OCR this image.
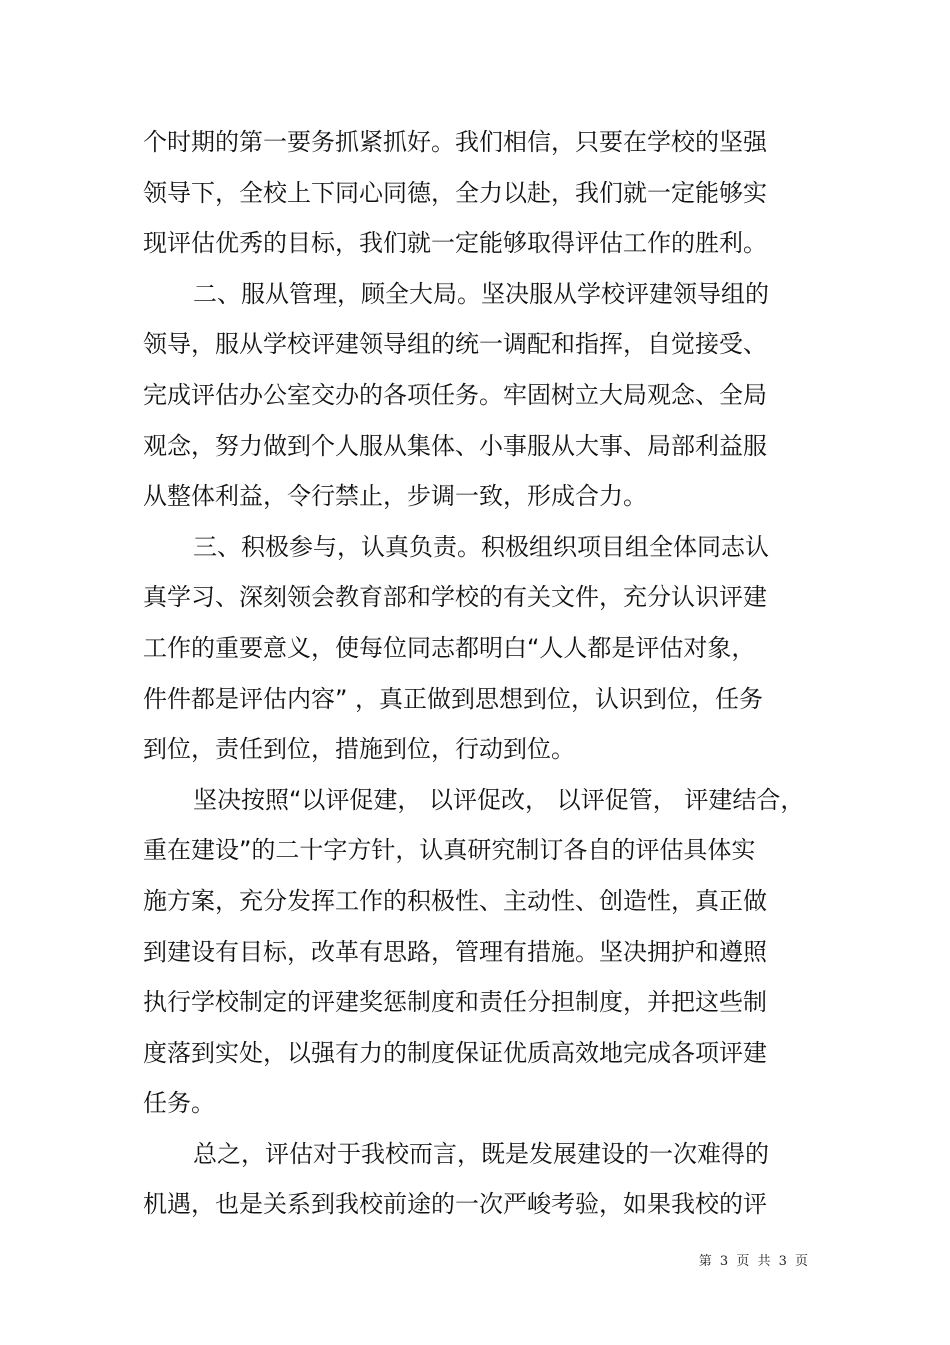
个时期的第一要务抓紧抓好。我们相信，只要在学校的坚强
领导下，全校上下同心同德，全力以赴，我们就一定能够实
现评估优秀的目标，我们就一定能够取得评估工作的胜利。
二、服从管理，顾全大局。坚决服从学校评建领导组的
领导，服从学校评建领导组的统一调配和指挥，自觉接受、
完成评估办公室交办的各项任务。牢固树立大局观念、全局
观念，努力做到个人服从集体、小事服从大事、局部利益服
从整体利益，令行禁止，步调一致，形成合力。
三、积极参与，认真负责。积极组织项目组全体同志认
真学习、深刻领会教育部和学校的有关文件，充分认识评建
工作的重要意义，使每位同志都明白“人人都是评估对象，
件件都是评估内容” ，真正做到思想到位，认识到位，任务
到位，责任到位，措施到位，行动到位。
坚决按照“以评促建， 以评促改， 以评促管， 评建结合，
重在建设”的二十字方针，认真研究制订各自的评估具体实
施方案，充分发挥工作的积极性、主动性、创造性，真正做
到建设有目标，改革有思路，管理有措施。坚决拥护和遵照
执行学校制定的评建奖惩制度和责任分担制度，并把这些制
度落到实处，以强有力的制度保证优质高效地完成各项评建
任务。
总之，评估对于我校而言，既是发展建设的一次难得的
机遇，也是关系到我校前途的一次严峻考验，如果我校的评
第 3 页 共 3 页
